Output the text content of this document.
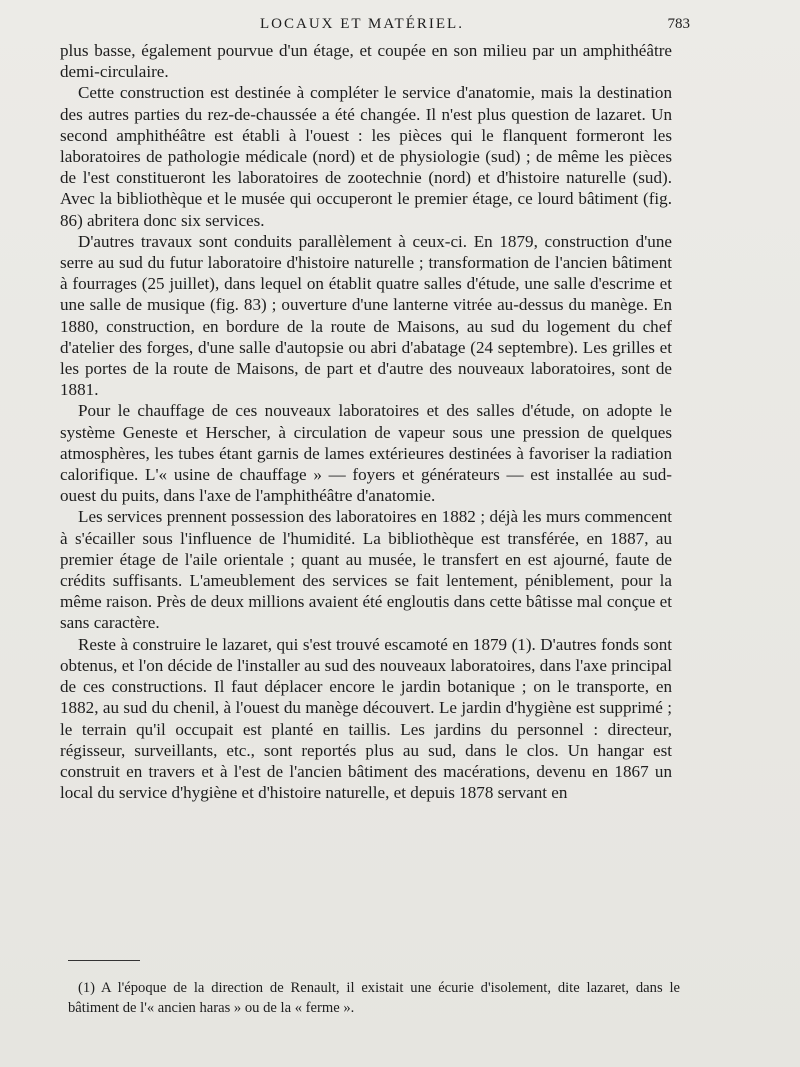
LOCAUX ET MATÉRIEL.	783

plus basse, également pourvue d'un étage, et coupée en son milieu par un amphithéâtre demi-circulaire.

Cette construction est destinée à compléter le service d'anatomie, mais la destination des autres parties du rez-de-chaussée a été changée. Il n'est plus question de lazaret. Un second amphithéâtre est établi à l'ouest : les pièces qui le flanquent formeront les laboratoires de pathologie médicale (nord) et de physiologie (sud) ; de même les pièces de l'est constitueront les laboratoires de zootechnie (nord) et d'histoire naturelle (sud). Avec la bibliothèque et le musée qui occuperont le premier étage, ce lourd bâtiment (fig. 86) abritera donc six services.

D'autres travaux sont conduits parallèlement à ceux-ci. En 1879, construction d'une serre au sud du futur laboratoire d'histoire naturelle ; transformation de l'ancien bâtiment à fourrages (25 juillet), dans lequel on établit quatre salles d'étude, une salle d'escrime et une salle de musique (fig. 83) ; ouverture d'une lanterne vitrée au-dessus du manège. En 1880, construction, en bordure de la route de Maisons, au sud du logement du chef d'atelier des forges, d'une salle d'autopsie ou abri d'abatage (24 septembre). Les grilles et les portes de la route de Maisons, de part et d'autre des nouveaux laboratoires, sont de 1881.

Pour le chauffage de ces nouveaux laboratoires et des salles d'étude, on adopte le système Geneste et Herscher, à circulation de vapeur sous une pression de quelques atmosphères, les tubes étant garnis de lames extérieures destinées à favoriser la radiation calorifique. L'« usine de chauffage » — foyers et générateurs — est installée au sud-ouest du puits, dans l'axe de l'amphithéâtre d'anatomie.

Les services prennent possession des laboratoires en 1882 ; déjà les murs commencent à s'écailler sous l'influence de l'humidité. La bibliothèque est transférée, en 1887, au premier étage de l'aile orientale ; quant au musée, le transfert en est ajourné, faute de crédits suffisants. L'ameublement des services se fait lentement, péniblement, pour la même raison. Près de deux millions avaient été engloutis dans cette bâtisse mal conçue et sans caractère.

Reste à construire le lazaret, qui s'est trouvé escamoté en 1879 (1). D'autres fonds sont obtenus, et l'on décide de l'installer au sud des nouveaux laboratoires, dans l'axe principal de ces constructions. Il faut déplacer encore le jardin botanique ; on le transporte, en 1882, au sud du chenil, à l'ouest du manège découvert. Le jardin d'hygiène est supprimé ; le terrain qu'il occupait est planté en taillis. Les jardins du personnel : directeur, régisseur, surveillants, etc., sont reportés plus au sud, dans le clos. Un hangar est construit en travers et à l'est de l'ancien bâtiment des macérations, devenu en 1867 un local du service d'hygiène et d'histoire naturelle, et depuis 1878 servant en

(1) A l'époque de la direction de Renault, il existait une écurie d'isolement, dite lazaret, dans le bâtiment de l'« ancien haras » ou de la « ferme ».
